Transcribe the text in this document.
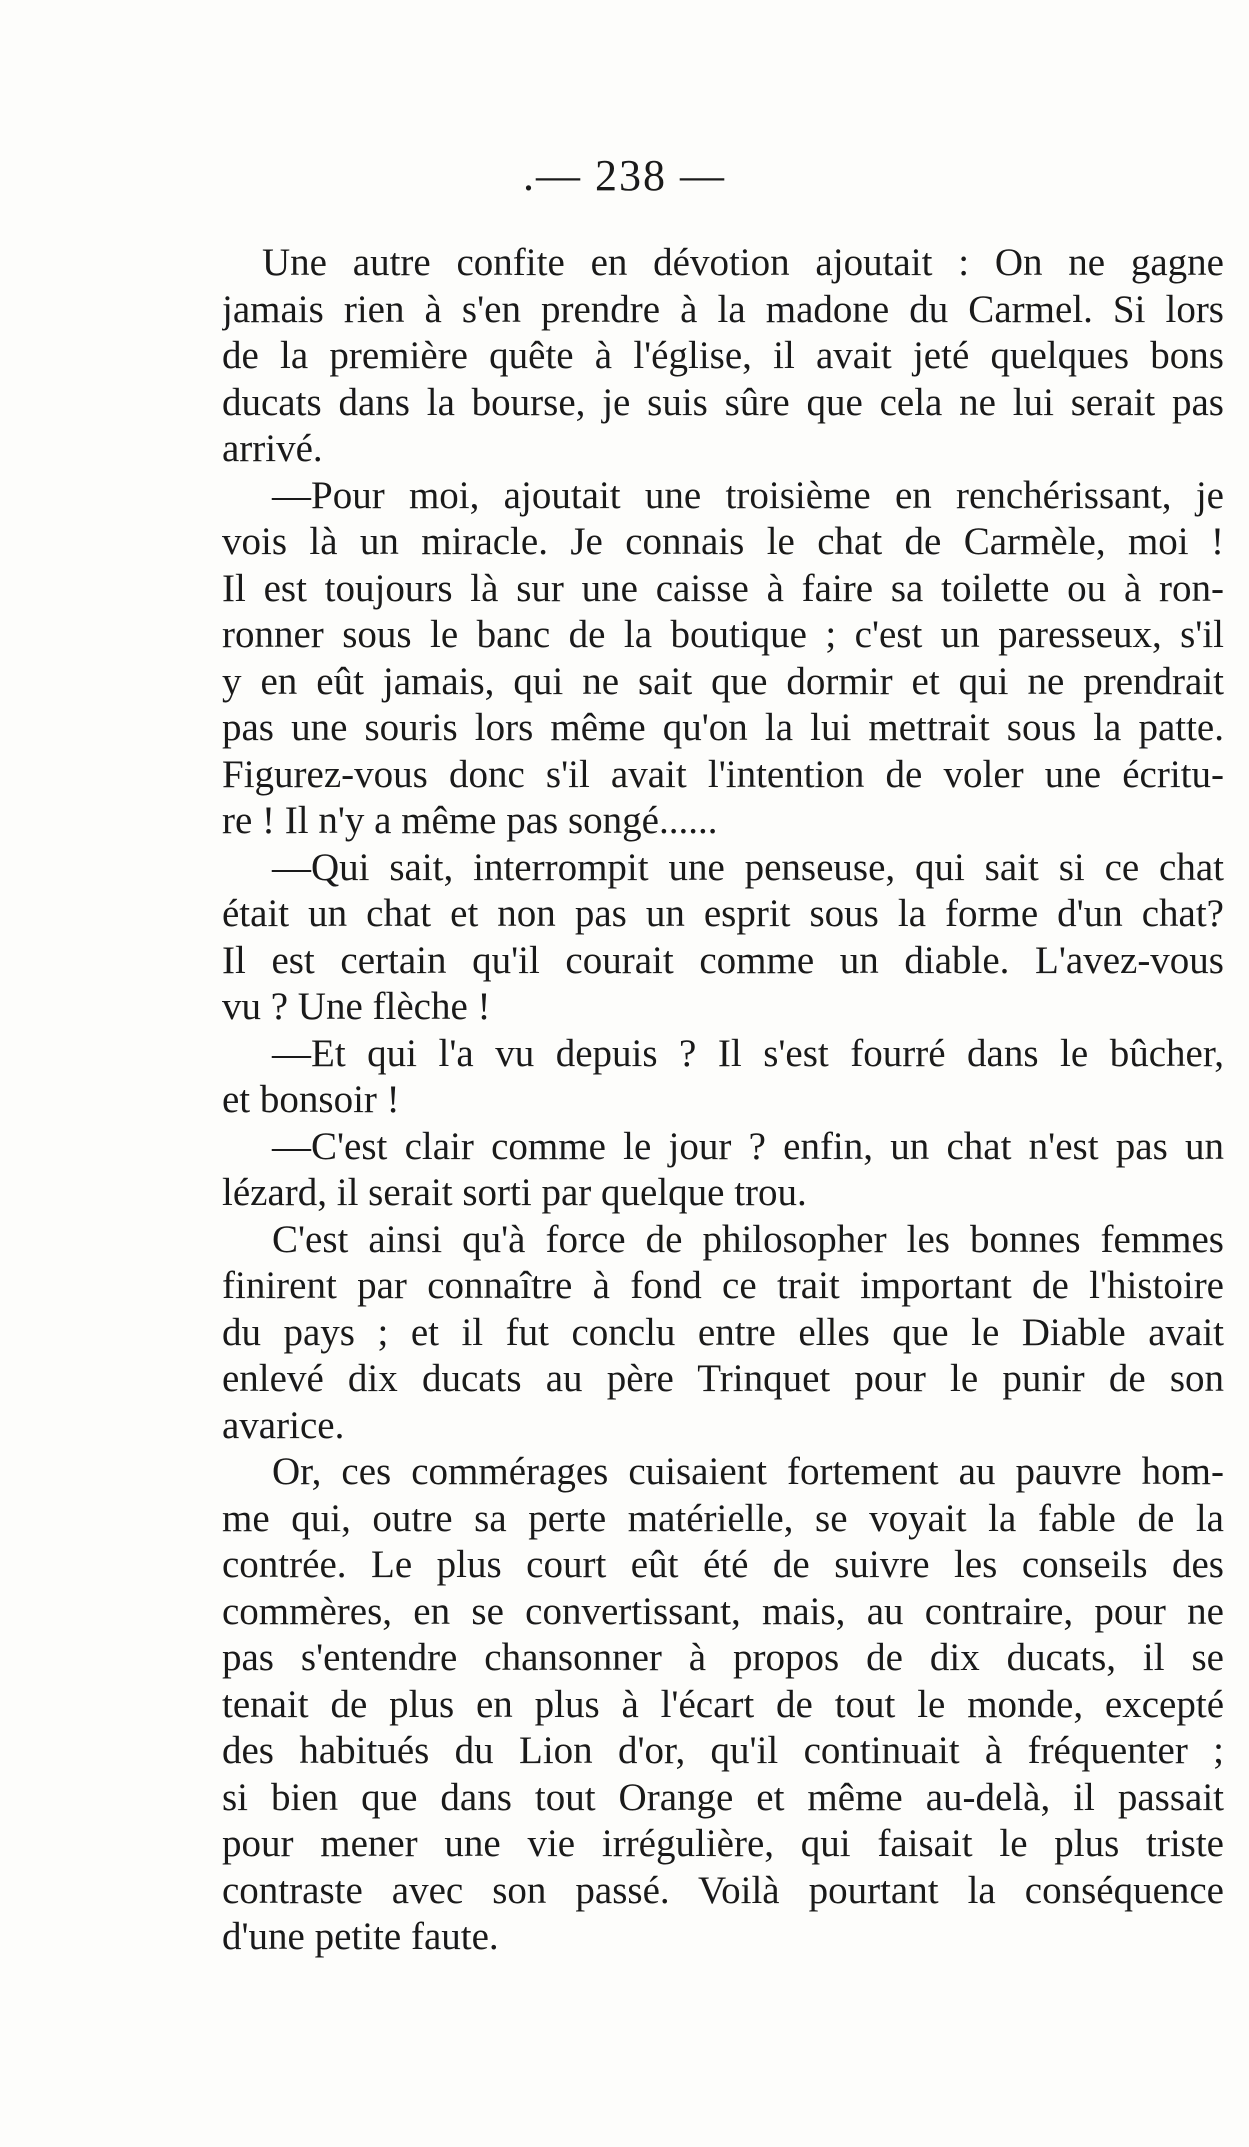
.— 238 —

Une autre confite en dévotion ajoutait : On ne gagne
jamais rien à s'en prendre à la madone du Carmel. Si lors
de la première quête à l'église, il avait jeté quelques bons
ducats dans la bourse, je suis sûre que cela ne lui serait pas
arrivé.
—Pour moi, ajoutait une troisième en renchérissant, je
vois là un miracle. Je connais le chat de Carmèle, moi !
Il est toujours là sur une caisse à faire sa toilette ou à ron-
ronner sous le banc de la boutique ; c'est un paresseux, s'il
y en eût jamais, qui ne sait que dormir et qui ne prendrait
pas une souris lors même qu'on la lui mettrait sous la patte.
Figurez-vous donc s'il avait l'intention de voler une écritu-
re ! Il n'y a même pas songé......
—Qui sait, interrompit une penseuse, qui sait si ce chat
était un chat et non pas un esprit sous la forme d'un chat?
Il est certain qu'il courait comme un diable. L'avez-vous
vu ? Une flèche !
—Et qui l'a vu depuis ? Il s'est fourré dans le bûcher,
et bonsoir !
—C'est clair comme le jour ? enfin, un chat n'est pas un
lézard, il serait sorti par quelque trou.
C'est ainsi qu'à force de philosopher les bonnes femmes
finirent par connaître à fond ce trait important de l'histoire
du pays ; et il fut conclu entre elles que le Diable avait
enlevé dix ducats au père Trinquet pour le punir de son
avarice.
Or, ces commérages cuisaient fortement au pauvre hom-
me qui, outre sa perte matérielle, se voyait la fable de la
contrée. Le plus court eût été de suivre les conseils des
commères, en se convertissant, mais, au contraire, pour ne
pas s'entendre chansonner à propos de dix ducats, il se
tenait de plus en plus à l'écart de tout le monde, excepté
des habitués du Lion d'or, qu'il continuait à fréquenter ;
si bien que dans tout Orange et même au-delà, il passait
pour mener une vie irrégulière, qui faisait le plus triste
contraste avec son passé. Voilà pourtant la conséquence
d'une petite faute.
